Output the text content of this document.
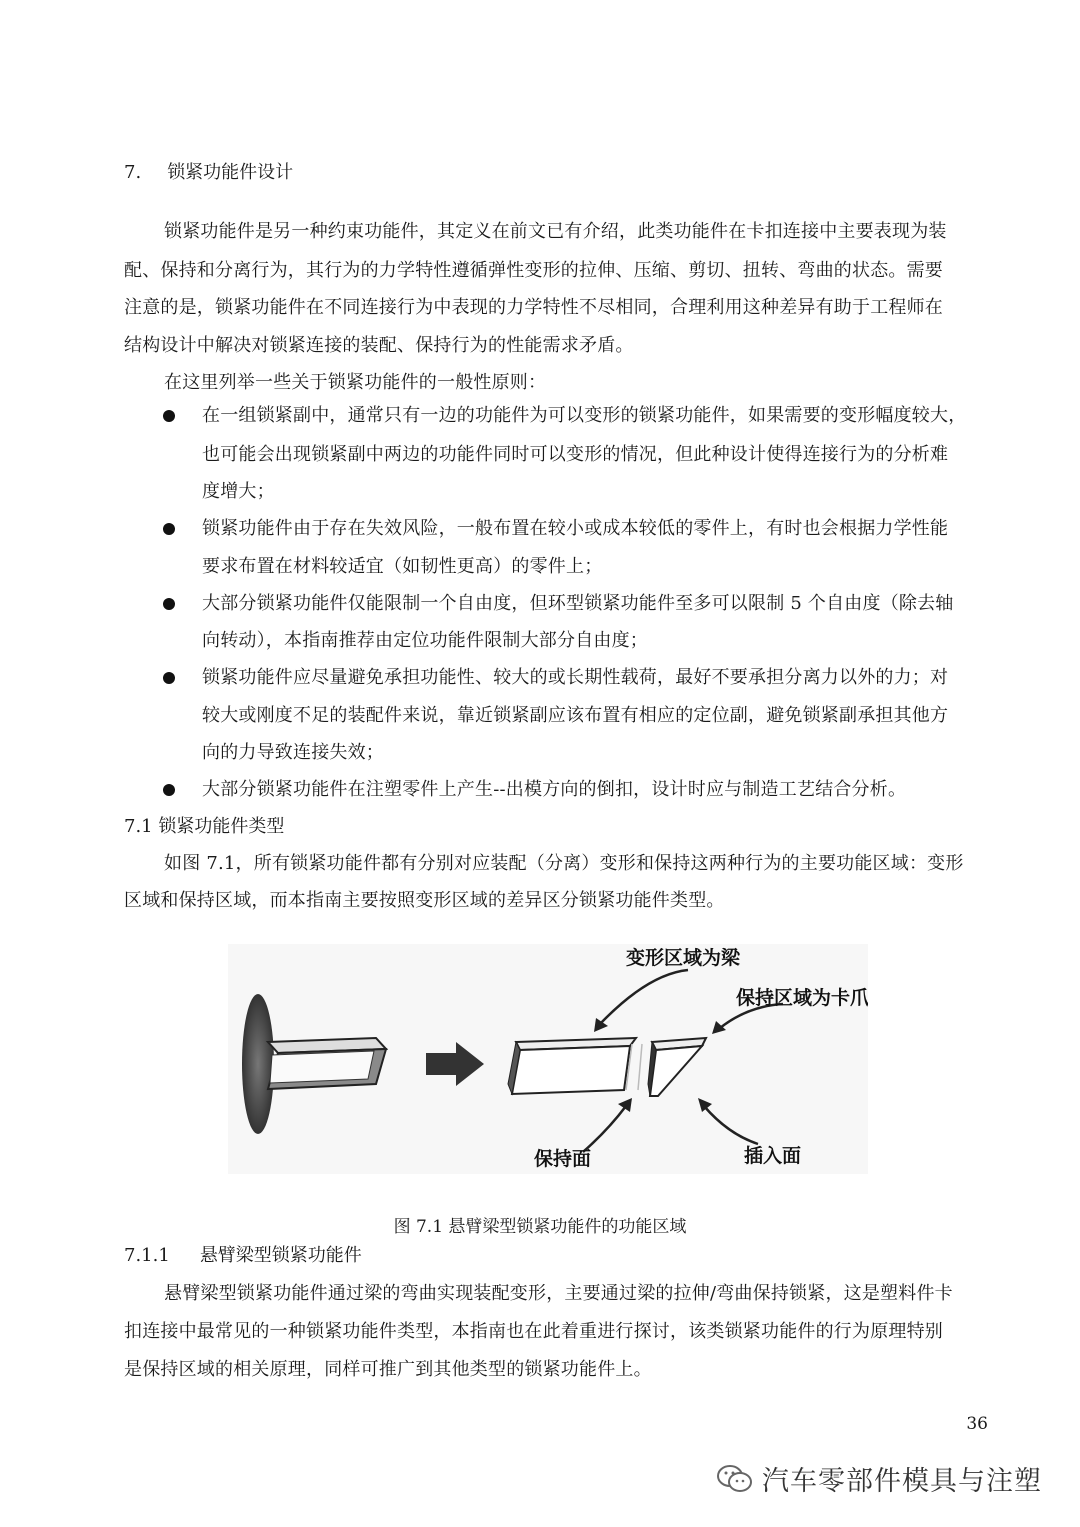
7. 锁紧功能件设计
锁紧功能件是另一种约束功能件，其定义在前文已有介绍，此类功能件在卡扣连接中主要表现为装
配、保持和分离行为，其行为的力学特性遵循弹性变形的拉伸、压缩、剪切、扭转、弯曲的状态。需要
注意的是，锁紧功能件在不同连接行为中表现的力学特性不尽相同，合理利用这种差异有助于工程师在
结构设计中解决对锁紧连接的装配、保持行为的性能需求矛盾。
在这里列举一些关于锁紧功能件的一般性原则：
在一组锁紧副中，通常只有一边的功能件为可以变形的锁紧功能件，如果需要的变形幅度较大，
也可能会出现锁紧副中两边的功能件同时可以变形的情况，但此种设计使得连接行为的分析难
度增大；
锁紧功能件由于存在失效风险，一般布置在较小或成本较低的零件上，有时也会根据力学性能
要求布置在材料较适宜（如韧性更高）的零件上；
大部分锁紧功能件仅能限制一个自由度，但环型锁紧功能件至多可以限制 5 个自由度（除去轴
向转动），本指南推荐由定位功能件限制大部分自由度；
锁紧功能件应尽量避免承担功能性、较大的或长期性载荷，最好不要承担分离力以外的力；对
较大或刚度不足的装配件来说，靠近锁紧副应该布置有相应的定位副，避免锁紧副承担其他方
向的力导致连接失效；
大部分锁紧功能件在注塑零件上产生--出模方向的倒扣，设计时应与制造工艺结合分析。
7.1 锁紧功能件类型
如图 7.1，所有锁紧功能件都有分别对应装配（分离）变形和保持这两种行为的主要功能区域：变形
区域和保持区域，而本指南主要按照变形区域的差异区分锁紧功能件类型。
变形区域为梁
保持区域为卡爪
保持面	插入面
图 7.1 悬臂梁型锁紧功能件的功能区域
7.1.1 悬臂梁型锁紧功能件
悬臂梁型锁紧功能件通过梁的弯曲实现装配变形，主要通过梁的拉伸/弯曲保持锁紧，这是塑料件卡
扣连接中最常见的一种锁紧功能件类型，本指南也在此着重进行探讨，该类锁紧功能件的行为原理特别
是保持区域的相关原理，同样可推广到其他类型的锁紧功能件上。
36
汽车零部件模具与注塑
